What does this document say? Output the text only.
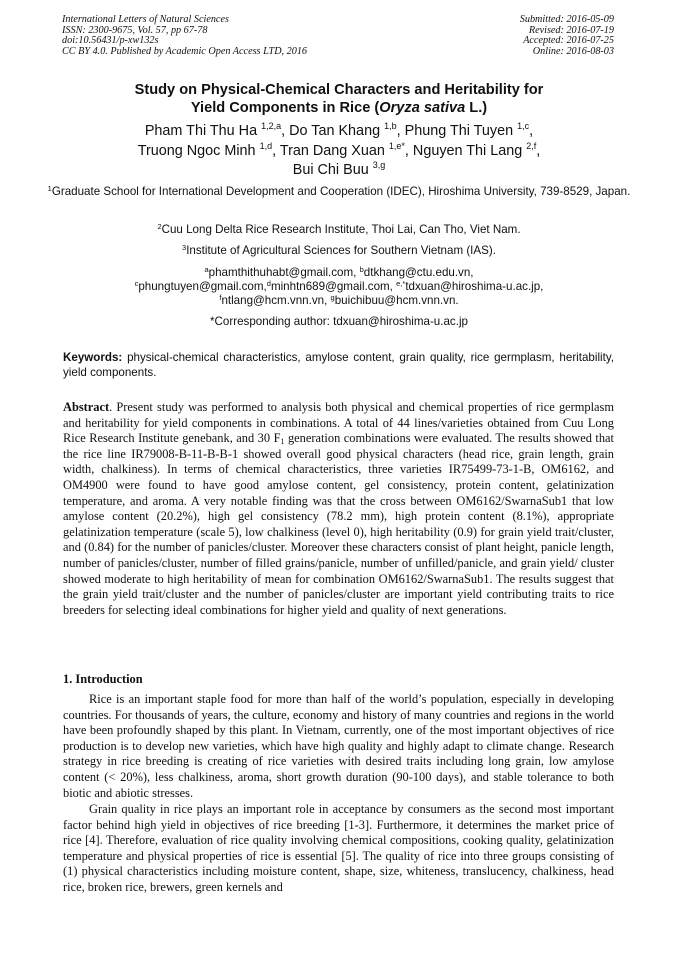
International Letters of Natural Sciences
ISSN: 2300-9675, Vol. 57, pp 67-78
doi:10.56431/p-xw132s
CC BY 4.0. Published by Academic Open Access LTD, 2016
Submitted: 2016-05-09
Revised: 2016-07-19
Accepted: 2016-07-25
Online: 2016-08-03
Study on Physical-Chemical Characters and Heritability for
Yield Components in Rice (Oryza sativa L.)
Pham Thi Thu Ha $^{1,2,a}$, Do Tan Khang $^{1,b}$, Phung Thi Tuyen $^{1,c}$,
Truong Ngoc Minh $^{1,d}$, Tran Dang Xuan $^{1,e*}$, Nguyen Thi Lang $^{2,f}$,
Bui Chi Buu $^{3,g}$
$^1$Graduate School for International Development and Cooperation (IDEC), Hiroshima University, 739-8529, Japan.
$^2$Cuu Long Delta Rice Research Institute, Thoi Lai, Can Tho, Viet Nam.
$^3$Institute of Agricultural Sciences for Southern Vietnam (IAS).
$^a$phamthithuhabt@gmail.com, $^b$dtkhang@ctu.edu.vn,
$^c$phungtuyen@gmail.com,$^d$minhtn689@gmail.com, $^{e,*}$tdxuan@hiroshima-u.ac.jp,
$^f$ntlang@hcm.vnn.vn, $^g$buichibuu@hcm.vnn.vn.
*Corresponding author: tdxuan@hiroshima-u.ac.jp
Keywords: physical-chemical characteristics, amylose content, grain quality, rice germplasm, heritability, yield components.
Abstract. Present study was performed to analysis both physical and chemical properties of rice germplasm and heritability for yield components in combinations. A total of 44 lines/varieties obtained from Cuu Long Rice Research Institute genebank, and 30 $F_1$ generation combinations were evaluated. The results showed that the rice line IR79008-B-11-B-B-1 showed overall good physical characters (head rice, grain length, grain width, chalkiness). In terms of chemical characteristics, three varieties IR75499-73-1-B, OM6162, and OM4900 were found to have good amylose content, gel consistency, protein content, gelatinization temperature, and aroma. A very notable finding was that the cross between OM6162/SwarnaSub1 that low amylose content (20.2%), high gel consistency (78.2 mm), high protein content (8.1%), appropriate gelatinization temperature (scale 5), low chalkiness (level 0), high heritability (0.9) for grain yield trait/cluster, and (0.84) for the number of panicles/cluster. Moreover these characters consist of plant height, panicle length, number of panicles/cluster, number of filled grains/panicle, number of unfilled/panicle, and grain yield/ cluster showed moderate to high heritability of mean for combination OM6162/SwarnaSub1. The results suggest that the grain yield trait/cluster and the number of panicles/cluster are important yield contributing traits to rice breeders for selecting ideal combinations for higher yield and quality of next generations.
1. Introduction
Rice is an important staple food for more than half of the world’s population, especially in developing countries. For thousands of years, the culture, economy and history of many countries and regions in the world have been profoundly shaped by this plant. In Vietnam, currently, one of the most important objectives of rice production is to develop new varieties, which have high quality and highly adapt to climate change. Research strategy in rice breeding is creating of rice varieties with desired traits including long grain, low amylose content (< 20%), less chalkiness, aroma, short growth duration (90-100 days), and stable tolerance to both biotic and abiotic stresses.
Grain quality in rice plays an important role in acceptance by consumers as the second most important factor behind high yield in objectives of rice breeding [1-3]. Furthermore, it determines the market price of rice [4]. Therefore, evaluation of rice quality involving chemical compositions, cooking quality, gelatinization temperature and physical properties of rice is essential [5]. The quality of rice into three groups consisting of (1) physical characteristics including moisture content, shape, size, whiteness, translucency, chalkiness, head rice, broken rice, brewers, green kernels and
